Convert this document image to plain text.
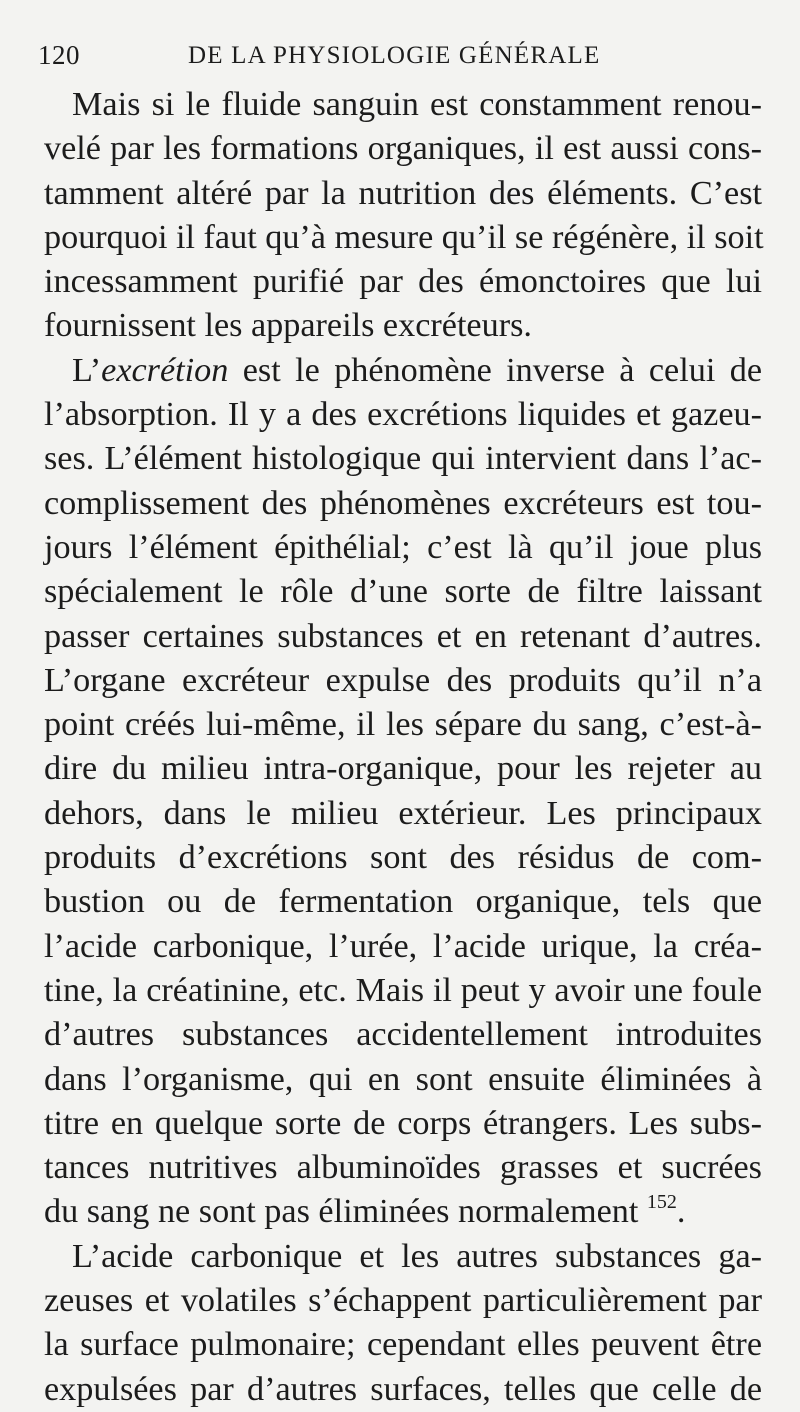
120	DE LA PHYSIOLOGIE GÉNÉRALE
Mais si le fluide sanguin est constamment renou-
velé par les formations organiques, il est aussi cons-
tamment altéré par la nutrition des éléments. C’est
pourquoi il faut qu’à mesure qu’il se régénère, il soit
incessamment purifié par des émonctoires que lui
fournissent les appareils excréteurs.
L’excrétion est le phénomène inverse à celui de
l’absorption. Il y a des excrétions liquides et gazeu-
ses. L’élément histologique qui intervient dans l’ac-
complissement des phénomènes excréteurs est tou-
jours l’élément épithélial; c’est là qu’il joue plus
spécialement le rôle d’une sorte de filtre laissant
passer certaines substances et en retenant d’autres.
L’organe excréteur expulse des produits qu’il n’a
point créés lui-même, il les sépare du sang, c’est-à-
dire du milieu intra-organique, pour les rejeter au
dehors, dans le milieu extérieur. Les principaux
produits d’excrétions sont des résidus de com-
bustion ou de fermentation organique, tels que
l’acide carbonique, l’urée, l’acide urique, la créa-
tine, la créatinine, etc. Mais il peut y avoir une foule
d’autres substances accidentellement introduites
dans l’organisme, qui en sont ensuite éliminées à
titre en quelque sorte de corps étrangers. Les subs-
tances nutritives albuminoïdes grasses et sucrées
du sang ne sont pas éliminées normalement $^{152}$.
L’acide carbonique et les autres substances ga-
zeuses et volatiles s’échappent particulièrement par
la surface pulmonaire; cependant elles peuvent être
expulsées par d’autres surfaces, telles que celle de
